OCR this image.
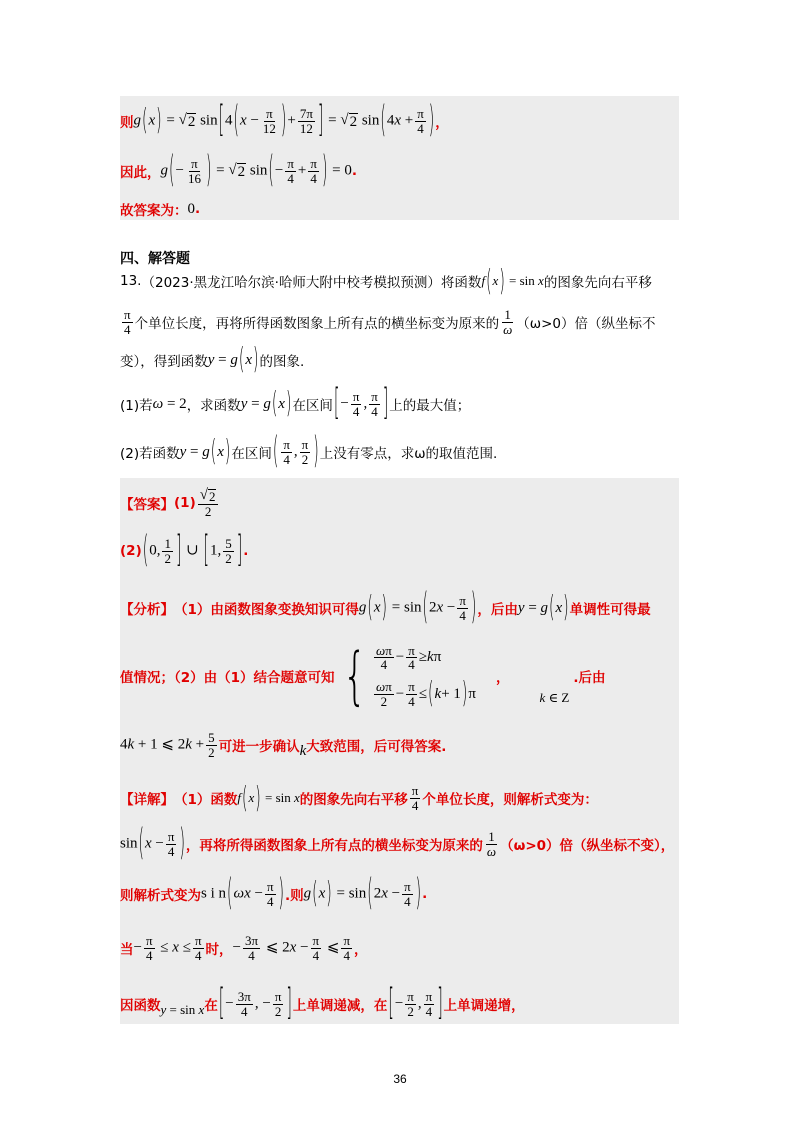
则 g(x) = √ 2 $\sin[4(x - \frac{\pi}{12}$ )+ $\frac{7\pi}{12}$ ] = √ 2 $\sin(4x + \frac{\pi}{4}$ ) ，
因此， $g(- \frac{\pi}{16}$ ) = √ 2 $\sin(- \frac{\pi}{4} + \frac{\pi}{4}$ ) = 0 .
故答案为： 0 .
四、解答题
13. （2023·黑龙江哈尔滨·哈师大附中校考模拟预测）将函数 f(x) = sin x 的图象先向右平移
$\frac{\pi}{4}$ 个单位长度，再将所得函数图象上所有点的横坐标变为原来的 $\frac{1}{\omega} (\omega>0)$倍（纵坐标不
变），得到函数 y = g(x) 的图象.
(1)若 ω = 2 ，求函数 y = g(x) 在区间 [− $\frac{\pi}{4}$ , $\frac{\pi}{4}$ ] 上的最大值；
(2)若函数 y = g(x) 在区间 ( $\frac{\pi}{4}$ , $\frac{\pi}{2}$ ) 上没有零点，求ω的取值范围.
【答案】 $(1) \frac{√ 2}{2}$
(2) (0, $\frac{1}{2}$ ] ∪ [1, $\frac{5}{2}$ ] .
【分析】 （1）由函数图象变换知识可得 $g(x) = \sin(2x - \frac{\pi}{4}$ ) ，后由 y = g(x) 单调性可得最
值情况；（2）由（1）结合题意可知 { $\frac{\omega\pi}{4} - \frac{\pi}{4} \ge k$ π
$\frac{\omega\pi}{2} - \frac{\pi}{4}$ ≤ ( k + 1 ) π
，
k ∈ Z
.后由
4k + 1 ⩽ $2k + \frac{5}{2}$ 可进一步确认 k 大致范围，后可得答案.
【详解】 （1）函数 f(x) = sin x 的图象先向右平移 $\frac{\pi}{4}$ 个单位长度，则解析式变为：
$\sin(x - \frac{\pi}{4}$ ) ，再将所得函数图象上所有点的横坐标变为原来的 $\frac{1}{\omega} (\omega>0)$倍（纵坐标不变），
则解析式变为 s i $n(\omega x - \frac{\pi}{4}$ ) .则 $g(x) = \sin(2x - \frac{\pi}{4}$ ) .
当 − $\frac{\pi}{4} \le x \le \frac{\pi}{4}$ 时， − $\frac{3\pi}{4}$ ⩽ $2x - \frac{\pi}{4}$ ⩽ $\frac{\pi}{4}$ ，
因函数 y = sin x 在 [− $\frac{3\pi}{4}$ , − $\frac{\pi}{2}$ ] 上单调递减，在 [− $\frac{\pi}{2}$ , $\frac{\pi}{4}$ ] 上单调递增，
36
